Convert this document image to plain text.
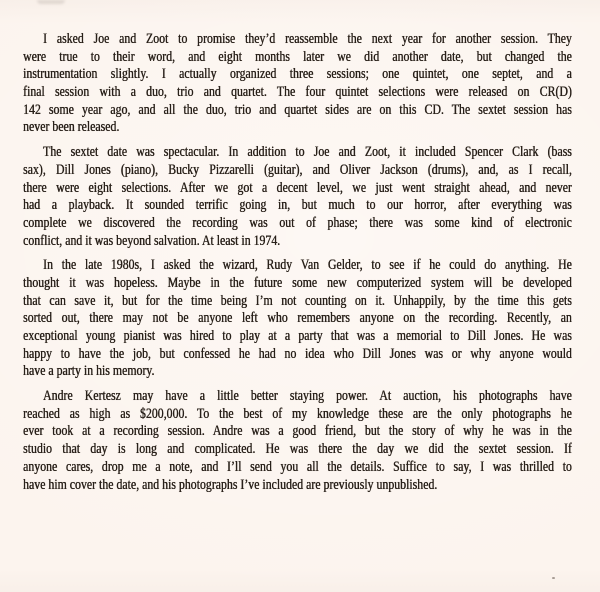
I asked Joe and Zoot to promise they’d reassemble the next year for another session. They
were true to their word, and eight months later we did another date, but changed the
instrumentation slightly. I actually organized three sessions; one quintet, one septet, and a
final session with a duo, trio and quartet. The four quintet selections were released on CR(D)
142 some year ago, and all the duo, trio and quartet sides are on this CD. The sextet session has
never been released.
The sextet date was spectacular. In addition to Joe and Zoot, it included Spencer Clark (bass
sax), Dill Jones (piano), Bucky Pizzarelli (guitar), and Oliver Jackson (drums), and, as I recall,
there were eight selections. After we got a decent level, we just went straight ahead, and never
had a playback. It sounded terrific going in, but much to our horror, after everything was
complete we discovered the recording was out of phase; there was some kind of electronic
conflict, and it was beyond salvation. At least in 1974.
In the late 1980s, I asked the wizard, Rudy Van Gelder, to see if he could do anything. He
thought it was hopeless. Maybe in the future some new computerized system will be developed
that can save it, but for the time being I’m not counting on it. Unhappily, by the time this gets
sorted out, there may not be anyone left who remembers anyone on the recording. Recently, an
exceptional young pianist was hired to play at a party that was a memorial to Dill Jones. He was
happy to have the job, but confessed he had no idea who Dill Jones was or why anyone would
have a party in his memory.
Andre Kertesz may have a little better staying power. At auction, his photographs have
reached as high as $200,000. To the best of my knowledge these are the only photographs he
ever took at a recording session. Andre was a good friend, but the story of why he was in the
studio that day is long and complicated. He was there the day we did the sextet session. If
anyone cares, drop me a note, and I’ll send you all the details. Suffice to say, I was thrilled to
have him cover the date, and his photographs I’ve included are previously unpublished.
